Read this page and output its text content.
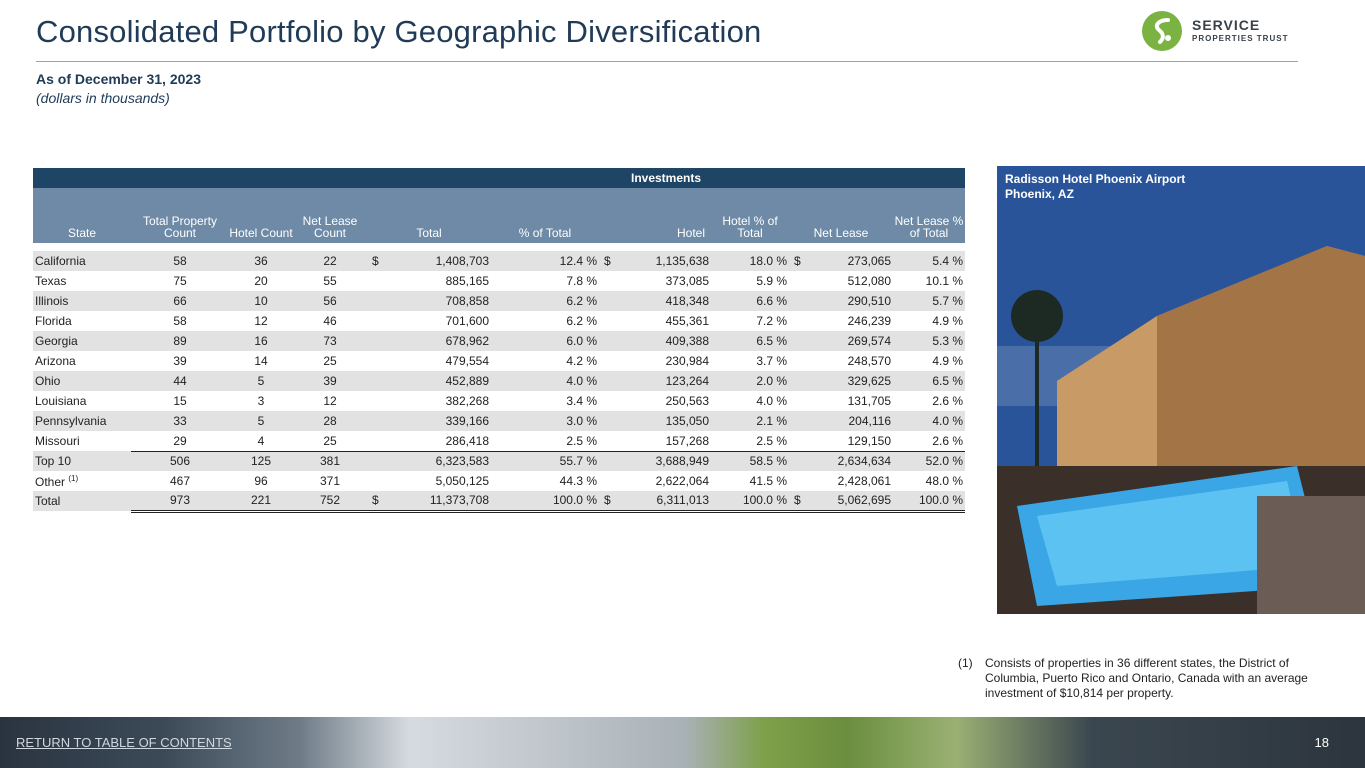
Consolidated Portfolio by Geographic Diversification
As of December 31, 2023
(dollars in thousands)
SERVICE
PROPERTIES TRUST
				Investments								
State	Total Property Count	Hotel Count	Net Lease Count	Total		% of Total	Hotel		Hotel % of Total	Net Lease		Net Lease % of Total

California	58	36	22	$	1,408,703	12.4 %	$	1,135,638	18.0 %	$	273,065	5.4 %
Texas	75	20	55		885,165	7.8 %		373,085	5.9 %		512,080	10.1 %
Illinois	66	10	56		708,858	6.2 %		418,348	6.6 %		290,510	5.7 %
Florida	58	12	46		701,600	6.2 %		455,361	7.2 %		246,239	4.9 %
Georgia	89	16	73		678,962	6.0 %		409,388	6.5 %		269,574	5.3 %
Arizona	39	14	25		479,554	4.2 %		230,984	3.7 %		248,570	4.9 %
Ohio	44	5	39		452,889	4.0 %		123,264	2.0 %		329,625	6.5 %
Louisiana	15	3	12		382,268	3.4 %		250,563	4.0 %		131,705	2.6 %
Pennsylvania	33	5	28		339,166	3.0 %		135,050	2.1 %		204,116	4.0 %
Missouri	29	4	25		286,418	2.5 %		157,268	2.5 %		129,150	2.6 %
Top 10	506	125	381		6,323,583	55.7 %		3,688,949	58.5 %		2,634,634	52.0 %
Other $^{(1)}$	467	96	371		5,050,125	44.3 %		2,622,064	41.5 %		2,428,061	48.0 %
Total	973	221	752	$	11,373,708	100.0 %	$	6,311,013	100.0 %	$	5,062,695	100.0 %
Radisson Hotel Phoenix Airport
Phoenix, AZ
(1) Consists of properties in 36 different states, the District of Columbia, Puerto Rico and Ontario, Canada with an average investment of $10,814 per property.
RETURN TO TABLE OF CONTENTS	18
